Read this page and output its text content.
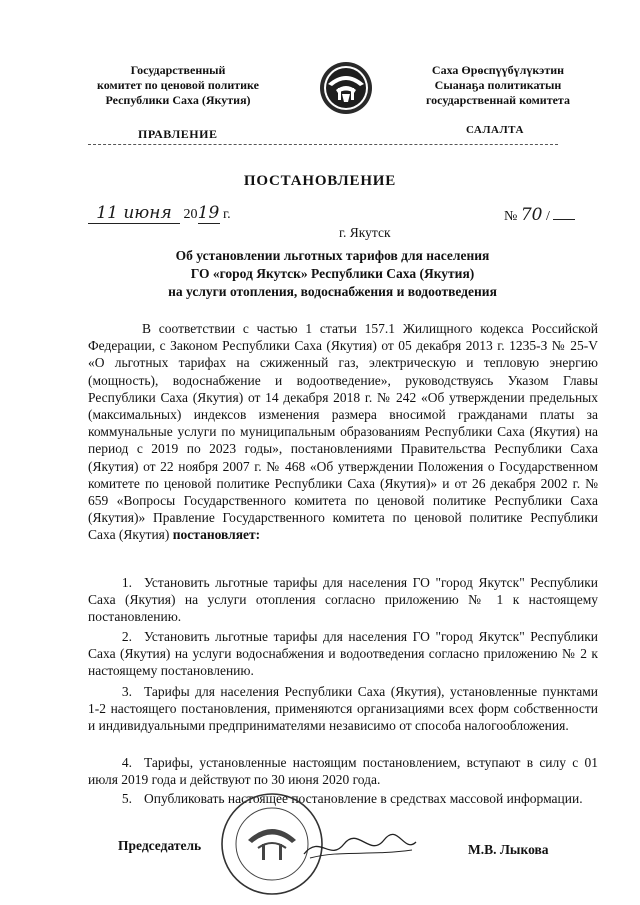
Государственный
комитет по ценовой политике
Республики Саха (Якутия)
Саха Өрөспүүбүлүкэтин
Сыанаҕа политикатын
государственнай комитета
ПРАВЛЕНИЕ	САЛАЛТА
ПОСТАНОВЛЕНИЕ
11 июня 2019 г.	№ 70 /
г. Якутск
Об установлении льготных тарифов для населения
ГО «город Якутск» Республики Саха (Якутия)
на услуги отопления, водоснабжения и водоотведения
В соответствии с частью 1 статьи 157.1 Жилищного кодекса Российской Федерации, с Законом Республики Саха (Якутия) от 05 декабря 2013 г. 1235-З № 25-V «О льготных тарифах на сжиженный газ, электрическую и тепловую энергию (мощность), водоснабжение и водоотведение», руководствуясь Указом Главы Республики Саха (Якутия) от 14 декабря 2018 г. № 242 «Об утверждении предельных (максимальных) индексов изменения размера вносимой гражданами платы за коммунальные услуги по муниципальным образованиям Республики Саха (Якутия) на период с 2019 по 2023 годы», постановлениями Правительства Республики Саха (Якутия) от 22 ноября 2007 г. № 468 «Об утверждении Положения о Государственном комитете по ценовой политике Республики Саха (Якутия)» и от 26 декабря 2002 г. № 659 «Вопросы Государственного комитета по ценовой политике Республики Саха (Якутия)» Правление Государственного комитета по ценовой политике Республики Саха (Якутия) постановляет:
1. Установить льготные тарифы для населения ГО "город Якутск" Республики Саха (Якутия) на услуги отопления согласно приложению № 1 к настоящему постановлению.
2. Установить льготные тарифы для населения ГО "город Якутск" Республики Саха (Якутия) на услуги водоснабжения и водоотведения согласно приложению № 2 к настоящему постановлению.
3. Тарифы для населения Республики Саха (Якутия), установленные пунктами 1-2 настоящего постановления, применяются организациями всех форм собственности и индивидуальными предпринимателями независимо от способа налогообложения.
4. Тарифы, установленные настоящим постановлением, вступают в силу с 01 июля 2019 года и действуют по 30 июня 2020 года.
5. Опубликовать настоящее постановление в средствах массовой информации.
Председатель	М.В. Лыкова
